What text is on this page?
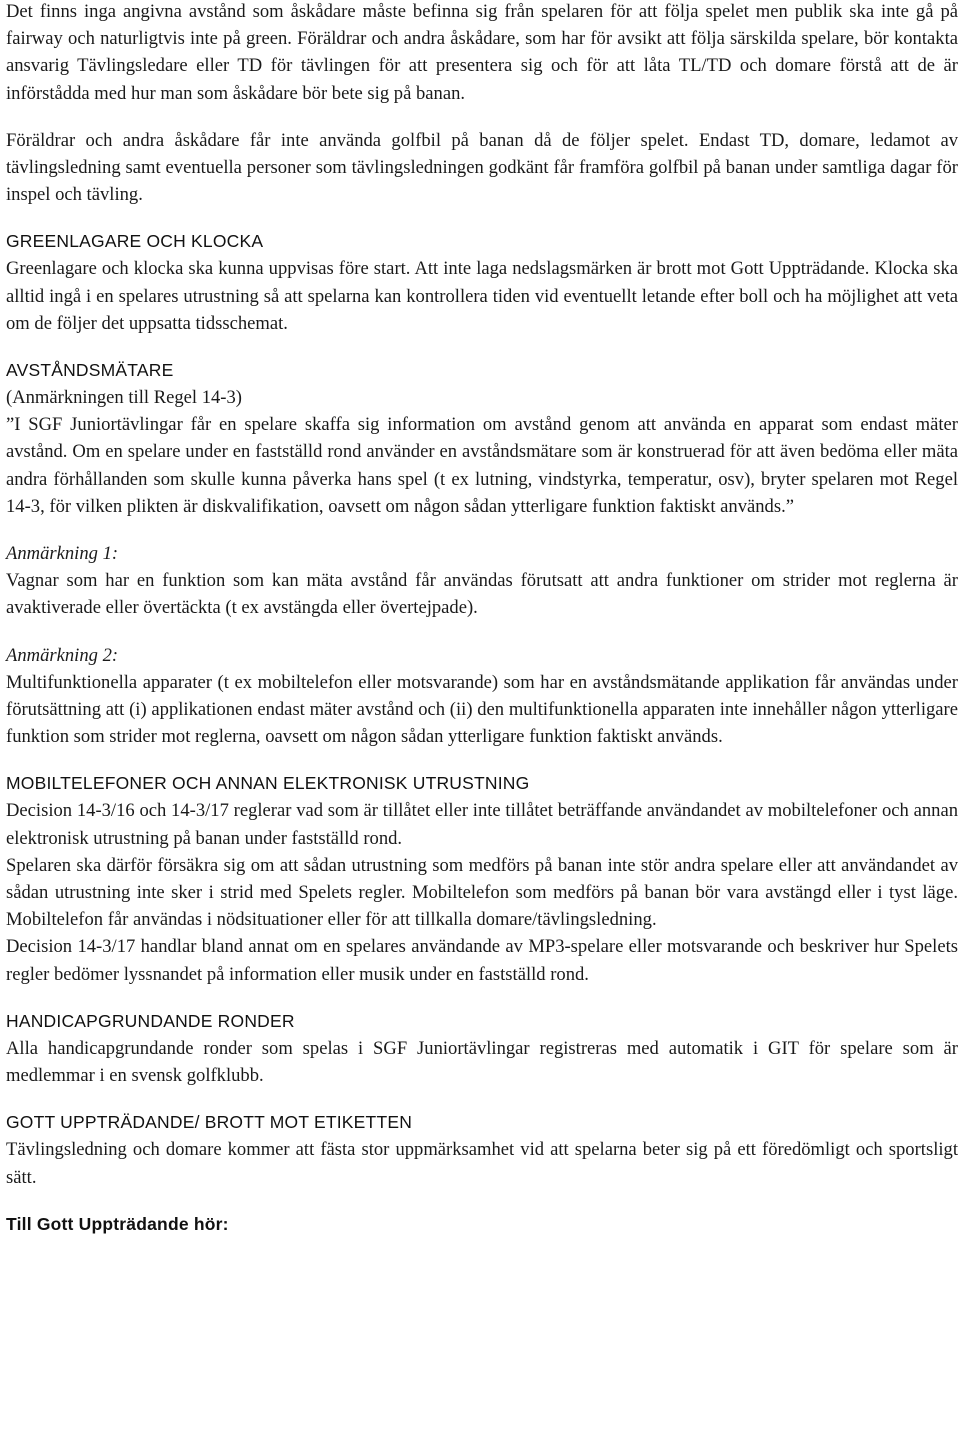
Det finns inga angivna avstånd som åskådare måste befinna sig från spelaren för att följa spelet men publik ska inte gå på fairway och naturligtvis inte på green. Föräldrar och andra åskådare, som har för avsikt att följa särskilda spelare, bör kontakta ansvarig Tävlingsledare eller TD för tävlingen för att presentera sig och för att låta TL/TD och domare förstå att de är införstådda med hur man som åskådare bör bete sig på banan.

Föräldrar och andra åskådare får inte använda golfbil på banan då de följer spelet. Endast TD, domare, ledamot av tävlingsledning samt eventuella personer som tävlingsledningen godkänt får framföra golfbil på banan under samtliga dagar för inspel och tävling.

GREENLAGARE OCH KLOCKA

Greenlagare och klocka ska kunna uppvisas före start. Att inte laga nedslagsmärken är brott mot Gott Uppträdande. Klocka ska alltid ingå i en spelares utrustning så att spelarna kan kontrollera tiden vid eventuellt letande efter boll och ha möjlighet att veta om de följer det uppsatta tidsschemat.

AVSTÅNDSMÄTARE

(Anmärkningen till Regel 14-3)

”I SGF Juniortävlingar får en spelare skaffa sig information om avstånd genom att använda en apparat som endast mäter avstånd. Om en spelare under en fastställd rond använder en avståndsmätare som är konstruerad för att även bedöma eller mäta andra förhållanden som skulle kunna påverka hans spel (t ex lutning, vindstyrka, temperatur, osv), bryter spelaren mot Regel 14-3, för vilken plikten är diskvalifikation, oavsett om någon sådan ytterligare funktion faktiskt används.”

Anmärkning 1:

Vagnar som har en funktion som kan mäta avstånd får användas förutsatt att andra funktioner om strider mot reglerna är avaktiverade eller övertäckta (t ex avstängda eller övertejpade).

Anmärkning 2:

Multifunktionella apparater (t ex mobiltelefon eller motsvarande) som har en avståndsmätande applikation får användas under förutsättning att (i) applikationen endast mäter avstånd och (ii) den multifunktionella apparaten inte innehåller någon ytterligare funktion som strider mot reglerna, oavsett om någon sådan ytterligare funktion faktiskt används.

MOBILTELEFONER OCH ANNAN ELEKTRONISK UTRUSTNING

Decision 14-3/16 och 14-3/17 reglerar vad som är tillåtet eller inte tillåtet beträffande användandet av mobiltelefoner och annan elektronisk utrustning på banan under fastställd rond.

Spelaren ska därför försäkra sig om att sådan utrustning som medförs på banan inte stör andra spelare eller att användandet av sådan utrustning inte sker i strid med Spelets regler. Mobiltelefon som medförs på banan bör vara avstängd eller i tyst läge. Mobiltelefon får användas i nödsituationer eller för att tillkalla domare/tävlingsledning.

Decision 14-3/17 handlar bland annat om en spelares användande av MP3-spelare eller motsvarande och beskriver hur Spelets regler bedömer lyssnandet på information eller musik under en fastställd rond.

HANDICAPGRUNDANDE RONDER

Alla handicapgrundande ronder som spelas i SGF Juniortävlingar registreras med automatik i GIT för spelare som är medlemmar i en svensk golfklubb.

GOTT UPPTRÄDANDE/ BROTT MOT ETIKETTEN

Tävlingsledning och domare kommer att fästa stor uppmärksamhet vid att spelarna beter sig på ett föredömligt och sportsligt sätt.

Till Gott Uppträdande hör:
